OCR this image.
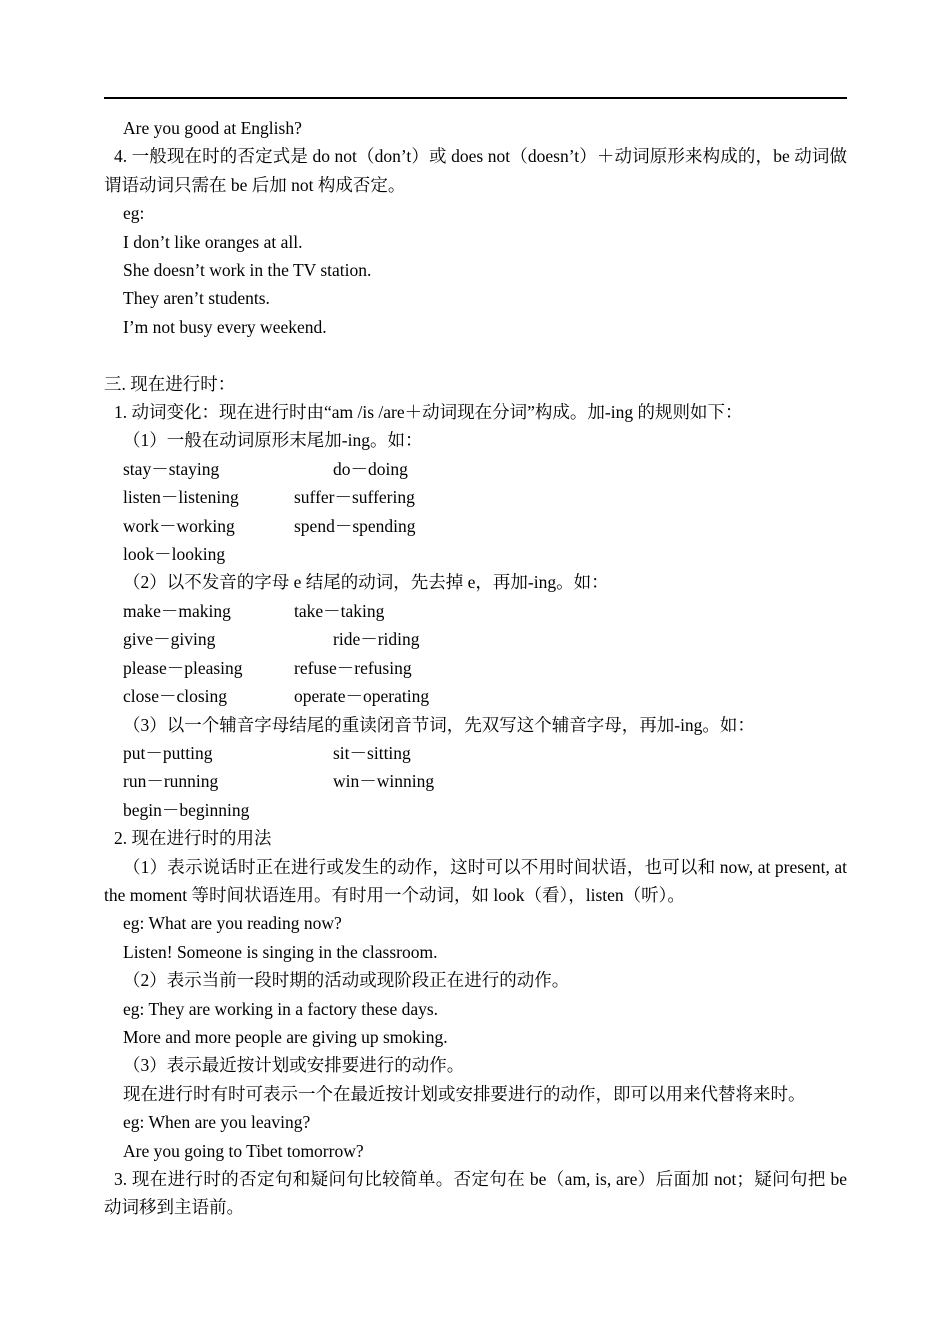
Are you good at English?
4. 一般现在时的否定式是 do not（don’t）或 does not（doesn’t）＋动词原形来构成的，be 动词做谓语动词只需在 be 后加 not 构成否定。
eg:
I don’t like oranges at all.
She doesn’t work in the TV station.
They aren’t students.
I’m not busy every weekend.
三. 现在进行时：
1. 动词变化：现在进行时由“am /is /are＋动词现在分词”构成。加-ing 的规则如下：
（1）一般在动词原形末尾加-ing。如：
stay－staying	do－doing
listen－listening	suffer－suffering
work－working	spend－spending
look－looking
（2）以不发音的字母 e 结尾的动词，先去掉 e，再加-ing。如：
make－making	take－taking
give－giving	ride－riding
please－pleasing	refuse－refusing
close－closing	operate－operating
（3）以一个辅音字母结尾的重读闭音节词，先双写这个辅音字母，再加-ing。如：
put－putting	sit－sitting
run－running	win－winning
begin－beginning
2. 现在进行时的用法
（1）表示说话时正在进行或发生的动作，这时可以不用时间状语，也可以和 now, at present, at the moment 等时间状语连用。有时用一个动词，如 look（看），listen（听）。
eg: What are you reading now?
Listen! Someone is singing in the classroom.
（2）表示当前一段时期的活动或现阶段正在进行的动作。
eg: They are working in a factory these days.
More and more people are giving up smoking.
（3）表示最近按计划或安排要进行的动作。
现在进行时有时可表示一个在最近按计划或安排要进行的动作，即可以用来代替将来时。
eg: When are you leaving?
Are you going to Tibet tomorrow?
3. 现在进行时的否定句和疑问句比较简单。否定句在 be（am, is, are）后面加 not；疑问句把 be 动词移到主语前。
